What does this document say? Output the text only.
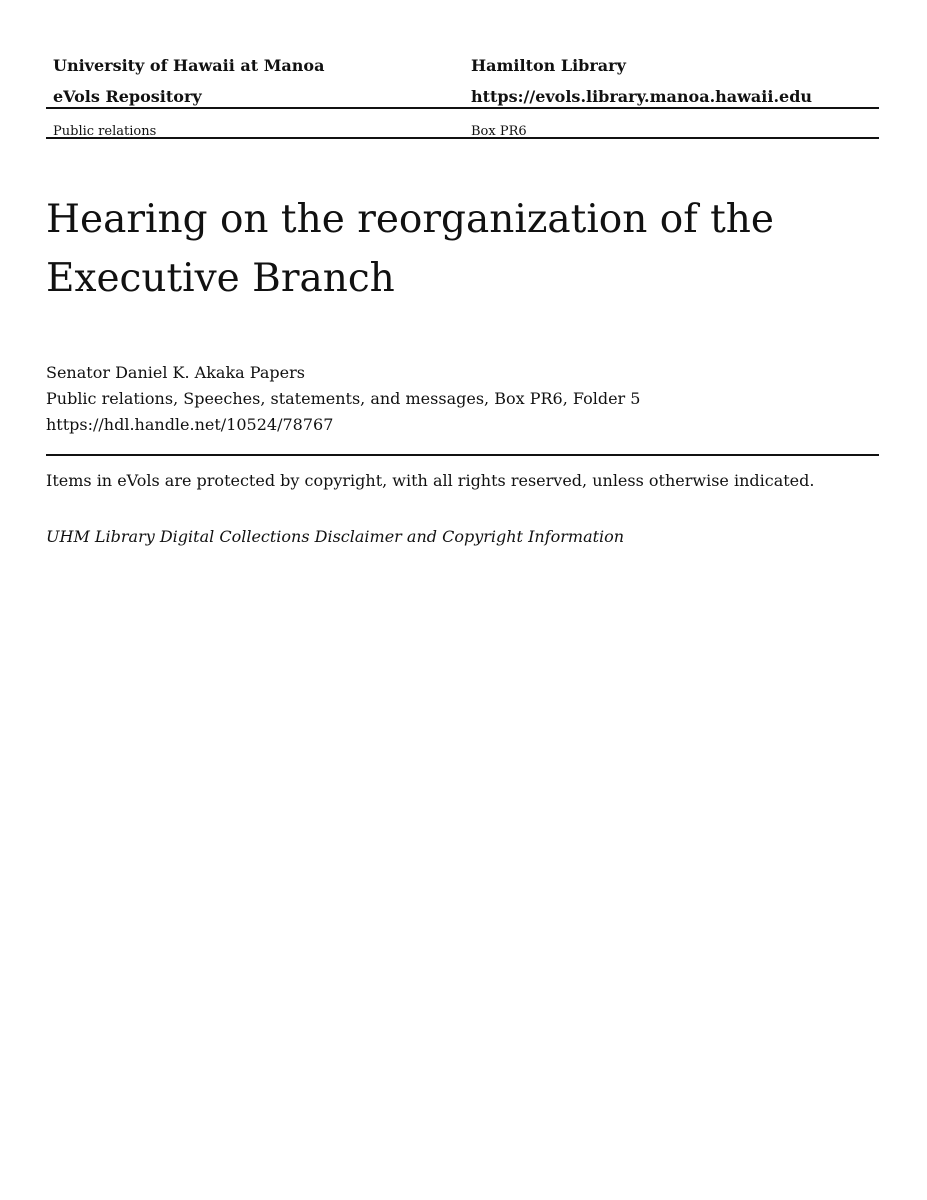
University of Hawaii at Manoa	Hamilton Library
eVols Repository	https://evols.library.manoa.hawaii.edu
Public relations	Box PR6
Hearing on the reorganization of the
Executive Branch
Senator Daniel K. Akaka Papers
Public relations, Speeches, statements, and messages, Box PR6, Folder 5
https://hdl.handle.net/10524/78767
Items in eVols are protected by copyright, with all rights reserved, unless otherwise indicated.
UHM Library Digital Collections Disclaimer and Copyright Information
